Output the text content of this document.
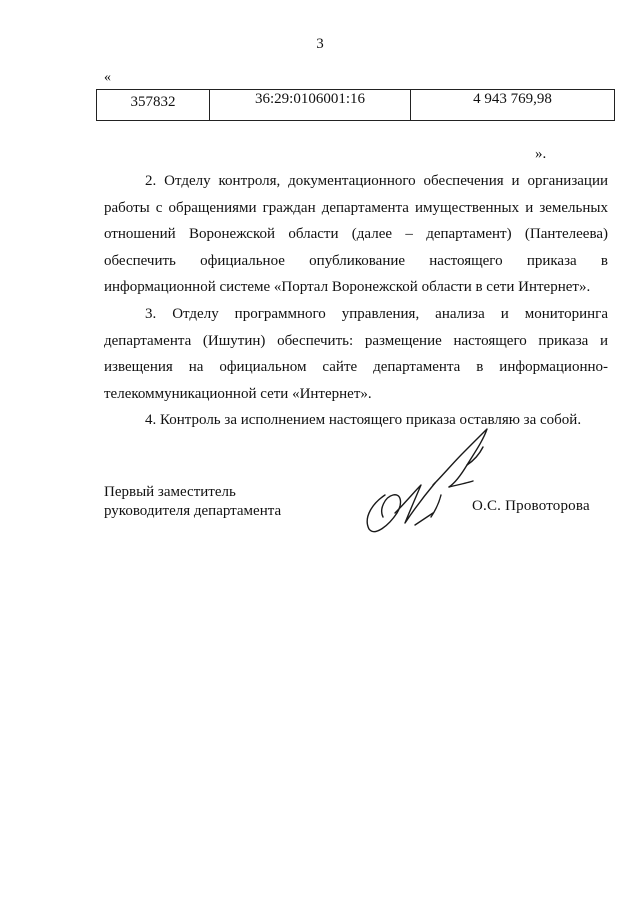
3
«
357832	36:29:0106001:16	4 943 769,98
».

2. Отделу контроля, документационного обеспечения и организации работы с обращениями граждан департамента имущественных и земельных отношений Воронежской области (далее – департамент) (Пантелеева) обеспечить официальное опубликование настоящего приказа в информационной системе «Портал Воронежской области в сети Интернет».

3. Отделу программного управления, анализа и мониторинга департамента (Ишутин) обеспечить: размещение настоящего приказа и извещения на официальном сайте департамента в информационно-телекоммуникационной сети «Интернет».

4. Контроль за исполнением настоящего приказа оставляю за собой.

Первый заместитель
руководителя департамента	О.С. Провоторова
